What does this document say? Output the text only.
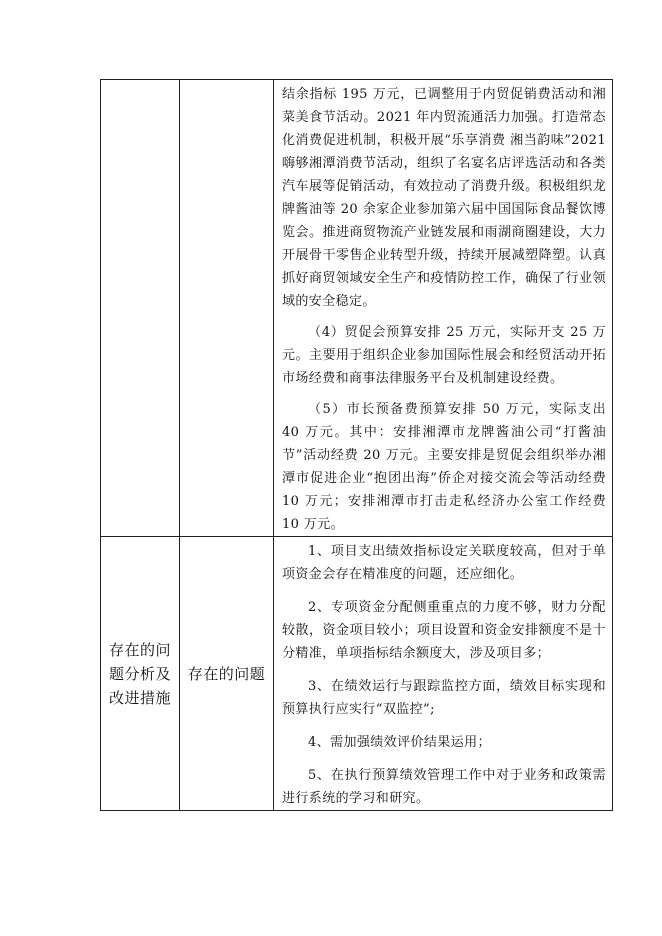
		结余指标 195 万元，已调整用于内贸促销费活动和湘菜美食节活动。2021 年内贸流通活力加强。打造常态化消费促进机制，积极开展“乐享消费 湘当韵味”2021 嗨够湘潭消费节活动，组织了名宴名店评选活动和各类汽车展等促销活动，有效拉动了消费升级。积极组织龙牌酱油等 20 余家企业参加第六届中国国际食品餐饮博览会。推进商贸物流产业链发展和雨湖商圈建设，大力开展骨干零售企业转型升级，持续开展减塑降塑。认真抓好商贸领域安全生产和疫情防控工作，确保了行业领域的安全稳定。

（4）贸促会预算安排 25 万元，实际开支 25 万元。主要用于组织企业参加国际性展会和经贸活动开拓市场经费和商事法律服务平台及机制建设经费。

（5）市长预备费预算安排 50 万元，实际支出 40 万元。其中：安排湘潭市龙牌酱油公司“打酱油节”活动经费 20 万元。主要安排是贸促会组织举办湘潭市促进企业“抱团出海”侨企对接交流会等活动经费 10 万元；安排湘潭市打击走私经济办公室工作经费 10 万元。

存在的问题分析及改进措施	存在的问题	1、项目支出绩效指标设定关联度较高，但对于单项资金会存在精准度的问题，还应细化。

2、专项资金分配侧重重点的力度不够，财力分配较散，资金项目较小；项目设置和资金安排额度不是十分精准，单项指标结余额度大，涉及项目多；

3、在绩效运行与跟踪监控方面，绩效目标实现和预算执行应实行“双监控”;

4、需加强绩效评价结果运用；

5、在执行预算绩效管理工作中对于业务和政策需进行系统的学习和研究。
